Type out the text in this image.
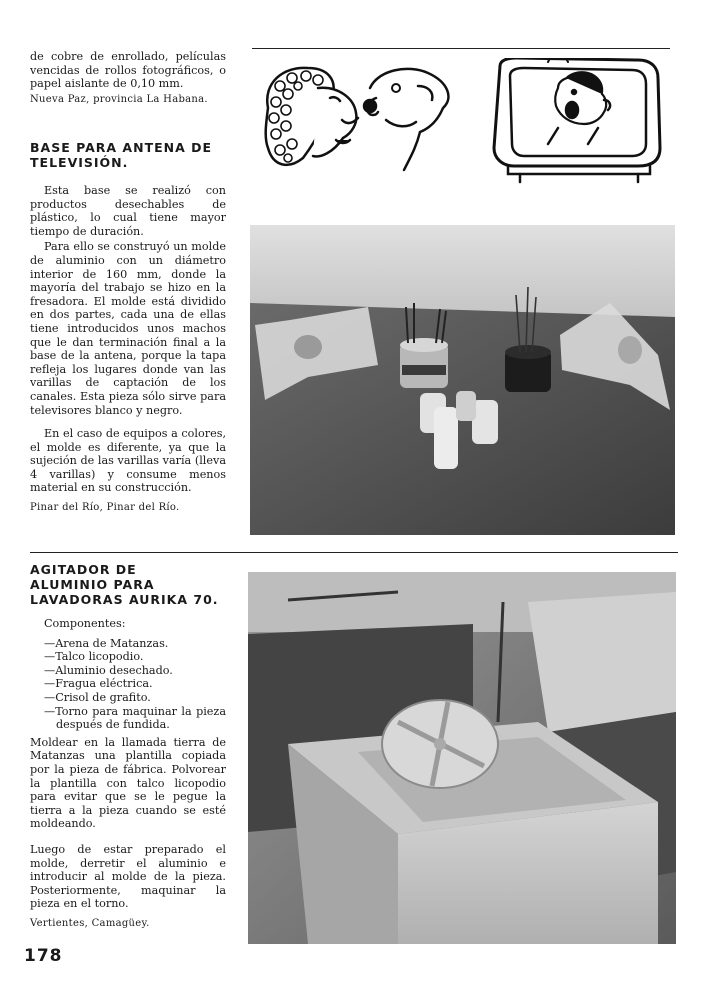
de cobre de enrollado, películas vencidas de rollos fotográficos, o papel aislante de 0,10 mm.

Nueva Paz, provincia La Habana.

BASE PARA ANTENA DE
TELEVISIÓN.

Esta base se realizó con productos desechables de plástico, lo cual tiene mayor tiempo de duración.

Para ello se construyó un molde de aluminio con un diámetro interior de 160 mm, donde la mayoría del trabajo se hizo en la fresadora. El molde está dividido en dos partes, cada una de ellas tiene introducidos unos machos que le dan terminación final a la base de la antena, porque la tapa refleja los lugares donde van las varillas de captación de los canales. Esta pieza sólo sirve para televisores blanco y negro.

En el caso de equipos a colores, el molde es diferente, ya que la sujeción de las varillas varía (lleva 4 varillas) y consume menos material en su construcción.

Pinar del Río, Pinar del Río.

AGITADOR DE
ALUMINIO PARA
LAVADORAS AURIKA 70.

Componentes:

—Arena de Matanzas.
—Talco licopodio.
—Aluminio desechado.
—Fragua eléctrica.
—Crisol de grafito.
—Torno para maquinar la pieza después de fundida.

Moldear en la llamada tierra de Matanzas una plantilla copiada por la pieza de fábrica. Polvorear la plantilla con talco licopodio para evitar que se le pegue la tierra a la pieza cuando se esté moldeando.

Luego de estar preparado el molde, derretir el aluminio e introducir al molde de la pieza. Posteriormente, maquinar la pieza en el torno.

Vertientes, Camagüey.

178
